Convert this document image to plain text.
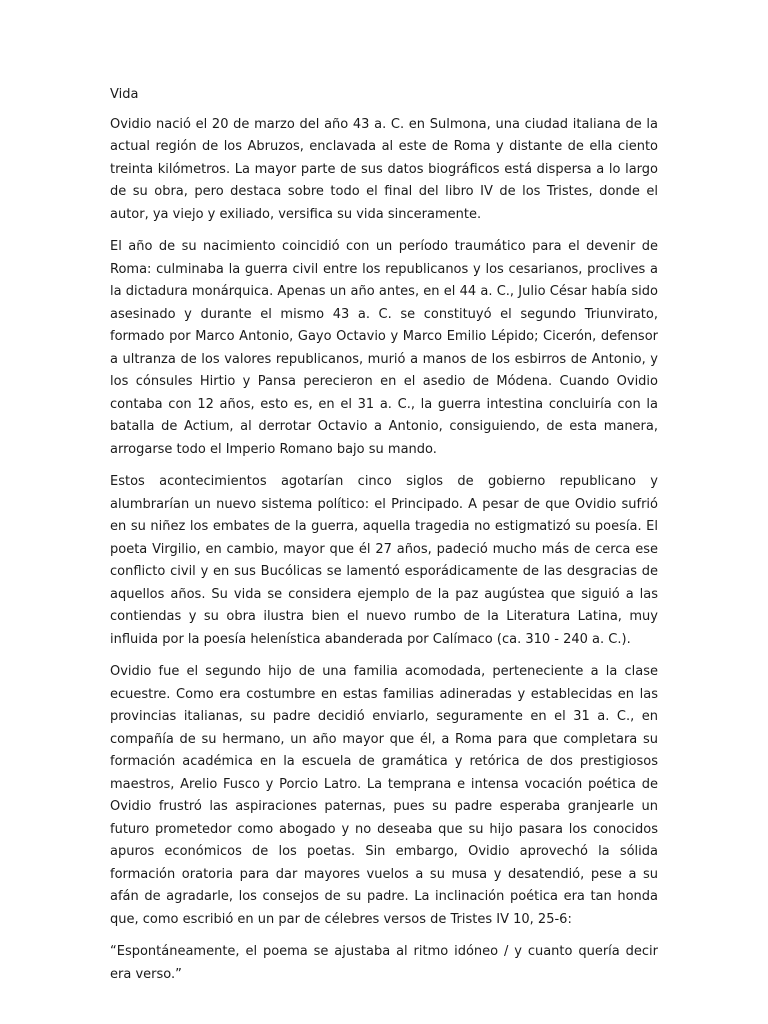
Vida

Ovidio nació el 20 de marzo del año 43 a. C. en Sulmona, una ciudad italiana de la actual región de los Abruzos, enclavada al este de Roma y distante de ella ciento treinta kilómetros. La mayor parte de sus datos biográficos está dispersa a lo largo de su obra, pero destaca sobre todo el final del libro IV de los Tristes, donde el autor, ya viejo y exiliado, versifica su vida sinceramente.

El año de su nacimiento coincidió con un período traumático para el devenir de Roma: culminaba la guerra civil entre los republicanos y los cesarianos, proclives a la dictadura monárquica. Apenas un año antes, en el 44 a. C., Julio César había sido asesinado y durante el mismo 43 a. C. se constituyó el segundo Triunvirato, formado por Marco Antonio, Gayo Octavio y Marco Emilio Lépido; Cicerón, defensor a ultranza de los valores republicanos, murió a manos de los esbirros de Antonio, y los cónsules Hirtio y Pansa perecieron en el asedio de Módena. Cuando Ovidio contaba con 12 años, esto es, en el 31 a. C., la guerra intestina concluiría con la batalla de Actium, al derrotar Octavio a Antonio, consiguiendo, de esta manera, arrogarse todo el Imperio Romano bajo su mando.

Estos acontecimientos agotarían cinco siglos de gobierno republicano y alumbrarían un nuevo sistema político: el Principado. A pesar de que Ovidio sufrió en su niñez los embates de la guerra, aquella tragedia no estigmatizó su poesía. El poeta Virgilio, en cambio, mayor que él 27 años, padeció mucho más de cerca ese conflicto civil y en sus Bucólicas se lamentó esporádicamente de las desgracias de aquellos años. Su vida se considera ejemplo de la paz augústea que siguió a las contiendas y su obra ilustra bien el nuevo rumbo de la Literatura Latina, muy influida por la poesía helenística abanderada por Calímaco (ca. 310 - 240 a. C.).

Ovidio fue el segundo hijo de una familia acomodada, perteneciente a la clase ecuestre. Como era costumbre en estas familias adineradas y establecidas en las provincias italianas, su padre decidió enviarlo, seguramente en el 31 a. C., en compañía de su hermano, un año mayor que él, a Roma para que completara su formación académica en la escuela de gramática y retórica de dos prestigiosos maestros, Arelio Fusco y Porcio Latro. La temprana e intensa vocación poética de Ovidio frustró las aspiraciones paternas, pues su padre esperaba granjearle un futuro prometedor como abogado y no deseaba que su hijo pasara los conocidos apuros económicos de los poetas. Sin embargo, Ovidio aprovechó la sólida formación oratoria para dar mayores vuelos a su musa y desatendió, pese a su afán de agradarle, los consejos de su padre. La inclinación poética era tan honda que, como escribió en un par de célebres versos de Tristes IV 10, 25-6:

“Espontáneamente, el poema se ajustaba al ritmo idóneo / y cuanto quería decir era verso.”
